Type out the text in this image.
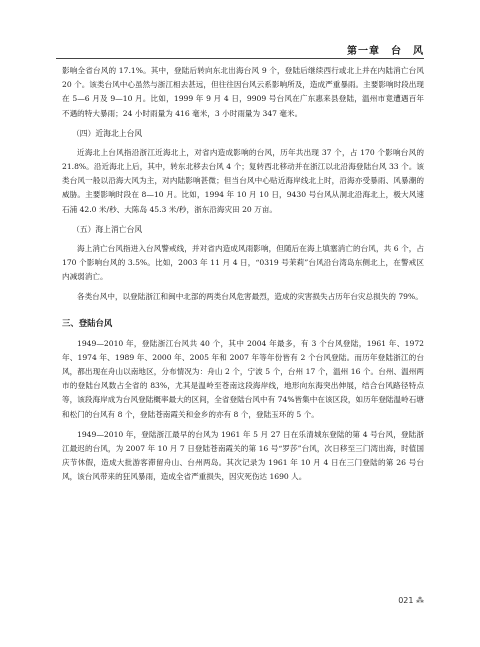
第一章　台　风

影响全省台风的 17.1%。其中，登陆后转向东北出海台风 9 个，登陆后继续西行或北上并在内陆消亡台风 20 个。该类台风中心虽然与浙江相去甚远，但往往因台风云系影响所及，造成严重暴雨。主要影响时段出现在 5—6 月及 9—10 月。比如，1999 年 9 月 4 日，9909 号台风在广东惠来县登陆，温州市竟遭遇百年不遇的特大暴雨；24 小时雨量为 416 毫米，3 小时雨量为 347 毫米。

（四）近海北上台风

近海北上台风指沿浙江近海北上，对省内造成影响的台风，历年共出现 37 个，占 170 个影响台风的 21.8%。沿近海北上后，其中，转东北移去台风 4 个；复转西北移动并在浙江以北沿海登陆台风 33 个。该类台风一般以沿海大风为主，对内陆影响甚微；但当台风中心贴近海岸线北上时，沿海亦受暴雨、风暴潮的威胁。主要影响时段在 8—10 月。比如，1994 年 10 月 10 日，9430 号台风从洞北沿海北上，极大风速石浦 42.0 米/秒、大陈岛 45.3 米/秒，浙东沿海灾田 20 万亩。

（五）海上消亡台风

海上消亡台风指进入台风警戒线，并对省内造成风雨影响，但随后在海上填塞消亡的台风，共 6 个，占 170 个影响台风的 3.5%。比如，2003 年 11 月 4 日，“0319 号茉莉”台风沿台湾岛东侧北上，在警戒区内减弱消亡。

各类台风中，以登陆浙江和闽中北部的两类台风危害最烈，造成的灾害损失占历年台灾总损失的 79%。

三、登陆台风

1949—2010 年，登陆浙江台风共 40 个，其中 2004 年最多，有 3 个台风登陆，1961 年、1972 年、1974 年、1989 年、2000 年、2005 年和 2007 年等年份皆有 2 个台风登陆。而历年登陆浙江的台风，都出现在舟山以南地区，分布情况为：舟山 2 个，宁波 5 个，台州 17 个，温州 16 个。台州、温州两市的登陆台风数占全省的 83%，尤其是温岭至苍南这段海岸线，地形向东海突出伸展，结合台风路径特点等，该段海岸成为台风登陆概率最大的区间，全省登陆台风中有 74%皆集中在该区段，如历年登陆温岭石塘和松门的台风有 8 个，登陆苍南霞关和金乡的亦有 8 个，登陆玉环的 5 个。

1949—2010 年，登陆浙江最早的台风为 1961 年 5 月 27 日在乐清城东登陆的第 4 号台风，登陆浙江最迟的台风，为 2007 年 10 月 7 日登陆苍南霞关的第 16 号“罗莎”台风，次日移至三门湾出海，时值国庆节休假，造成大批游客滞留舟山、台州两岛。其次记录为 1961 年 10 月 4 日在三门登陆的第 26 号台风，该台风带来的狂风暴雨，造成全省严重损失，因灾死伤达 1690 人。

021 ⁂
